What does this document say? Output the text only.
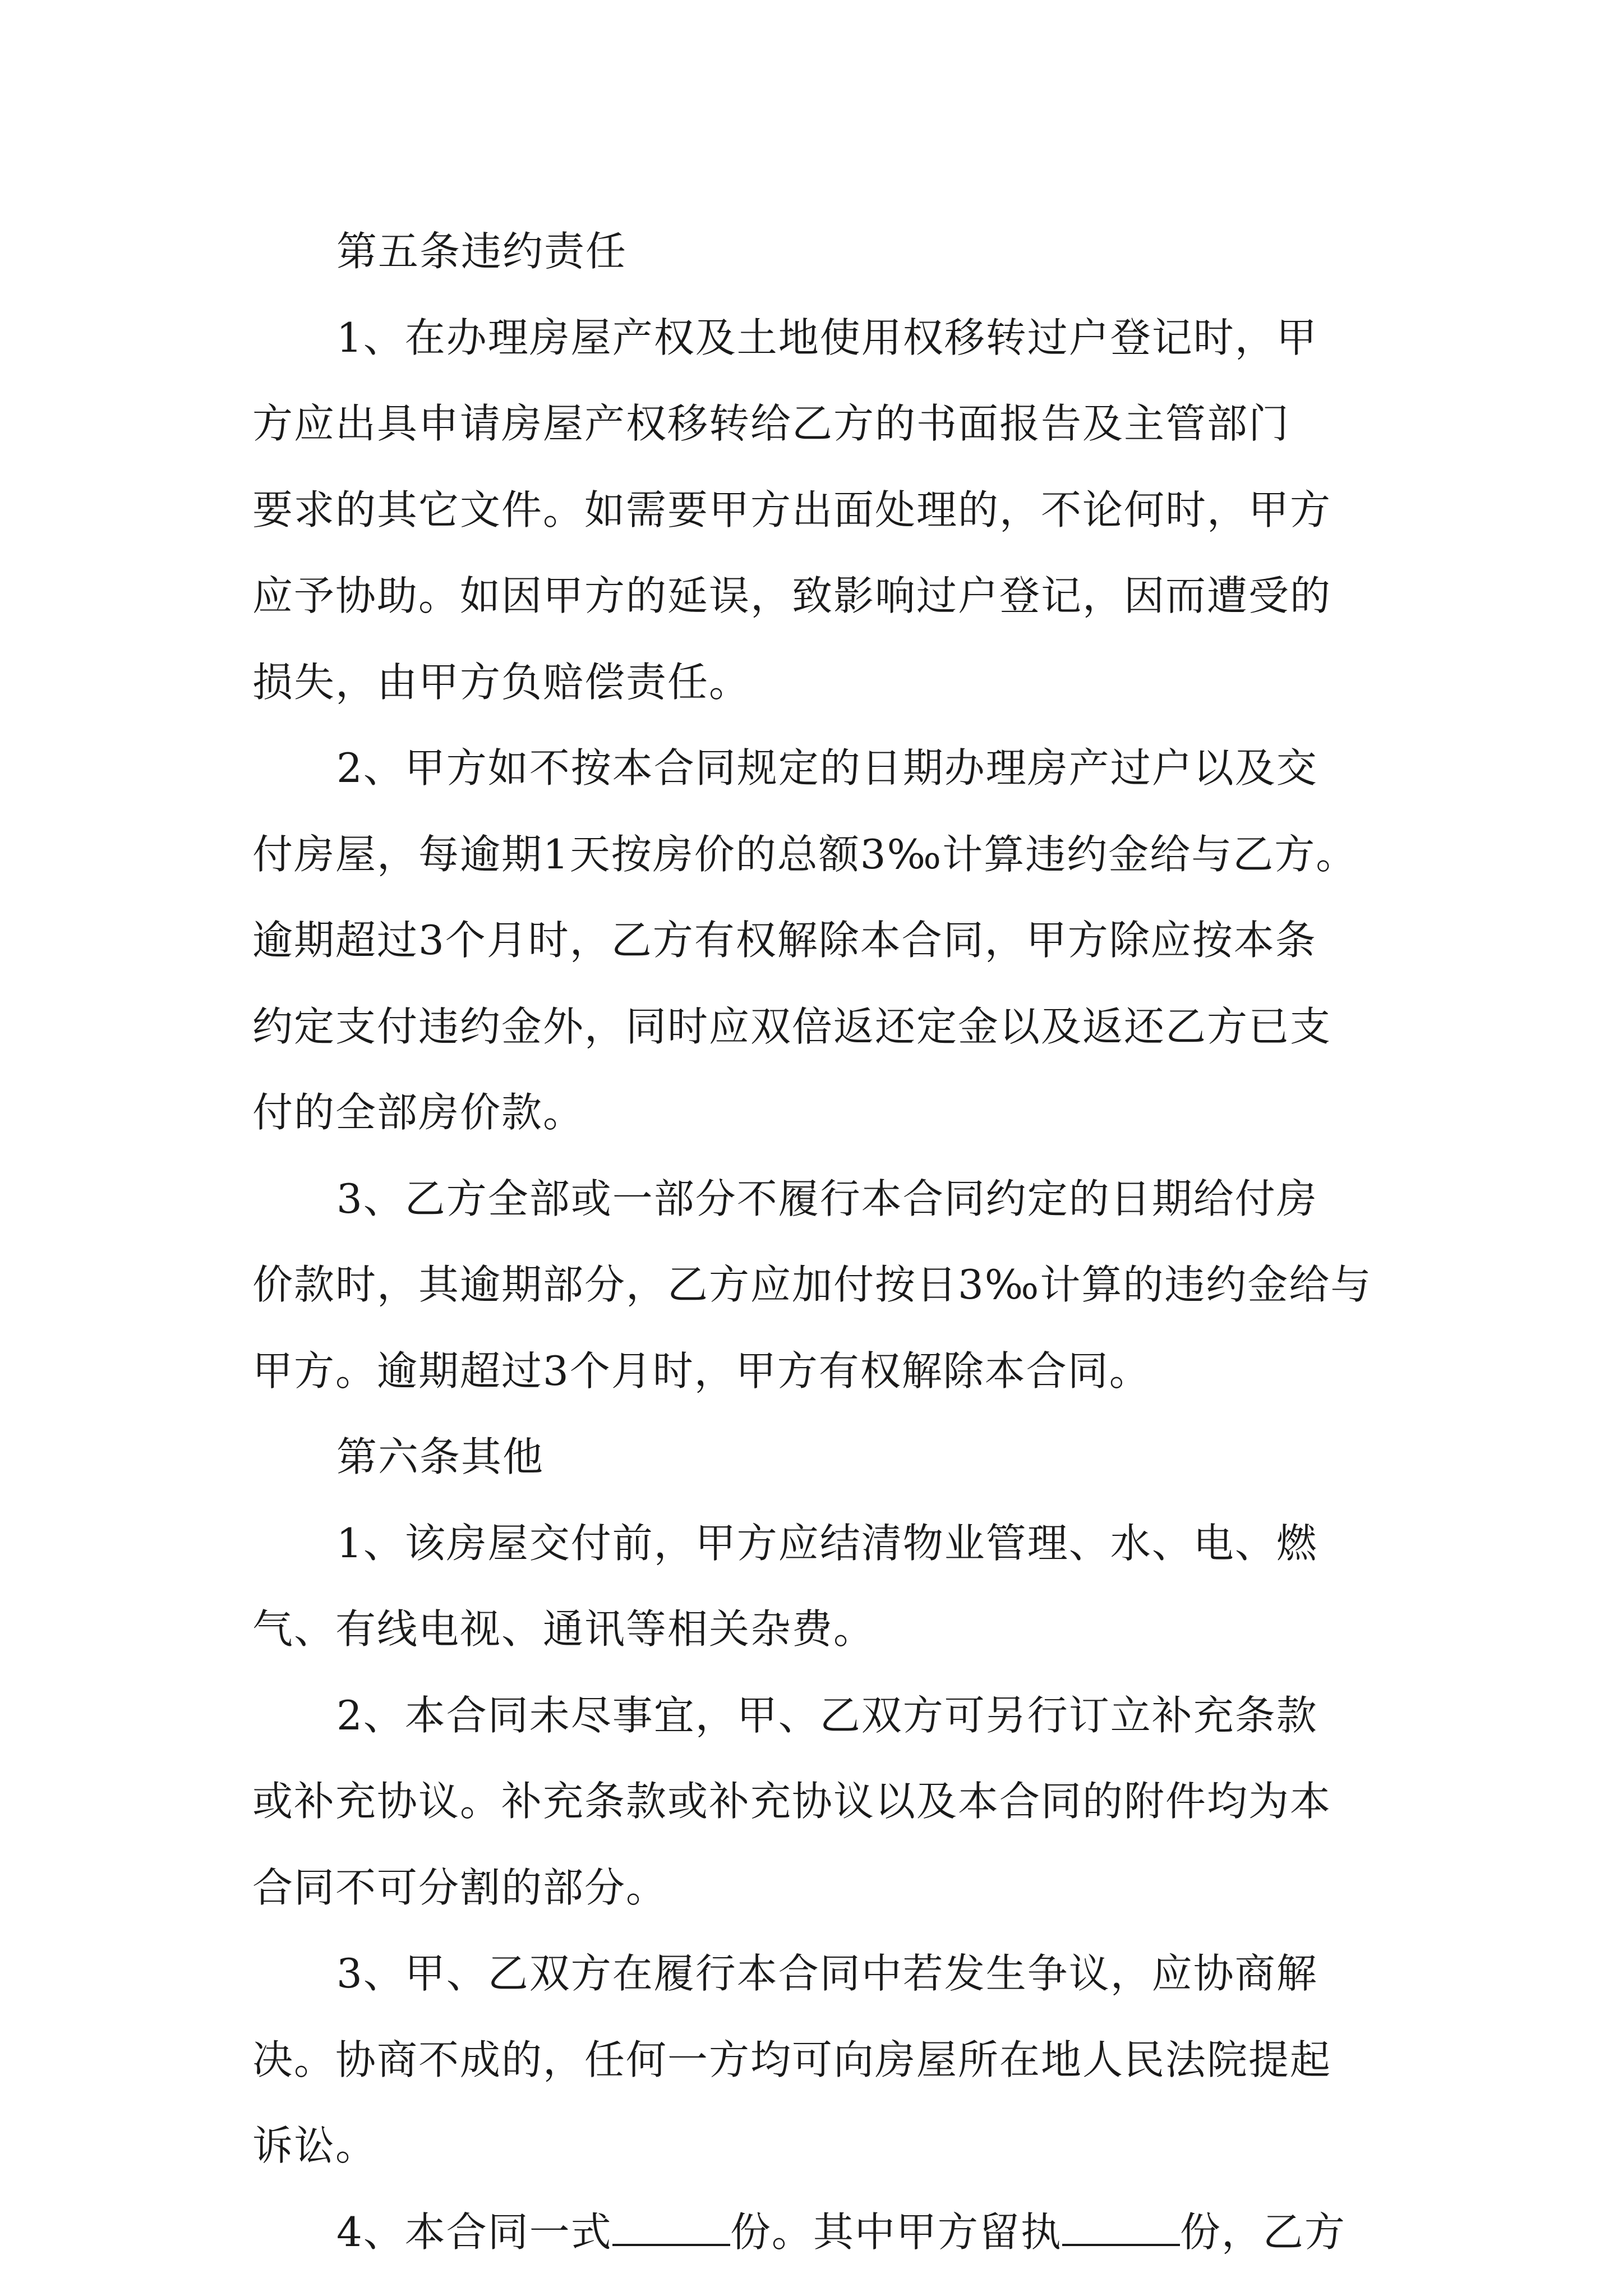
第五条违约责任
1、在办理房屋产权及土地使用权移转过户登记时，甲
方应出具申请房屋产权移转给乙方的书面报告及主管部门
要求的其它文件。如需要甲方出面处理的，不论何时，甲方
应予协助。如因甲方的延误，致影响过户登记，因而遭受的
损失，由甲方负赔偿责任。
2、甲方如不按本合同规定的日期办理房产过户以及交
付房屋，每逾期1天按房价的总额3‰计算违约金给与乙方。
逾期超过3个月时，乙方有权解除本合同，甲方除应按本条
约定支付违约金外，同时应双倍返还定金以及返还乙方已支
付的全部房价款。
3、乙方全部或一部分不履行本合同约定的日期给付房
价款时，其逾期部分，乙方应加付按日3‰计算的违约金给与
甲方。逾期超过3个月时，甲方有权解除本合同。
第六条其他
1、该房屋交付前，甲方应结清物业管理、水、电、燃
气、有线电视、通讯等相关杂费。
2、本合同未尽事宜，甲、乙双方可另行订立补充条款
或补充协议。补充条款或补充协议以及本合同的附件均为本
合同不可分割的部分。
3、甲、乙双方在履行本合同中若发生争议，应协商解
决。协商不成的，任何一方均可向房屋所在地人民法院提起
诉讼。
4、本合同一式	份。其中甲方留执	份，乙方
